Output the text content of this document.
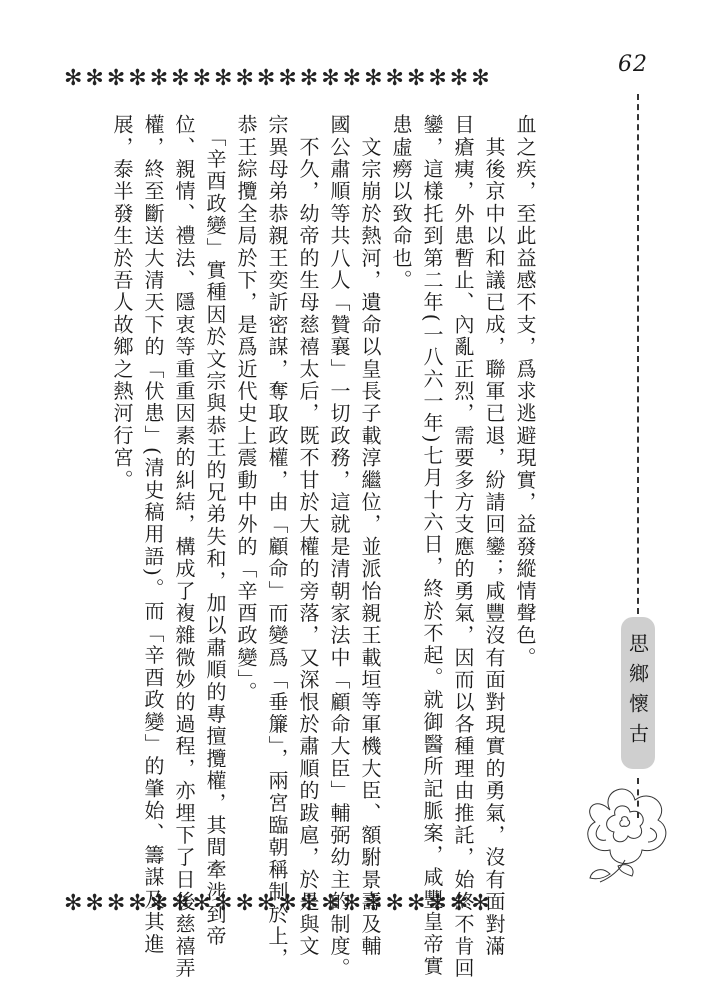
62
✻✻✻✻✻✻✻✻✻✻✻✻✻✻✻✻✻✻✻✻
✻✻✻✻✻✻✻✻✻✻✻✻✻✻✻✻✻✻✻✻
思鄉懷古
血之疾，至此益感不支，爲求逃避現實，益發縱情聲色。
　其後京中以和議已成，聯軍已退，紛請回鑾；咸豐沒有面對現實的勇氣，沒有面對滿
目瘡痍，外患暫止、內亂正烈，需要多方支應的勇氣，因而以各種理由推託，始終不肯回
鑾，這樣托到第二年(一八六一年)七月十六日，終於不起。就御醫所記脈案，咸豐皇帝實
患虛癆以致命也。
　文宗崩於熱河，遺命以皇長子載淳繼位，並派怡親王載垣等軍機大臣、額駙景壽及輔
國公肅順等共八人「贊襄」一切政務，這就是清朝家法中「顧命大臣」輔弼幼主的制度。
　不久，幼帝的生母慈禧太后，既不甘於大權的旁落，又深恨於肅順的跋扈，於是與文
宗異母弟恭親王奕訢密謀，奪取政權，由「顧命」而變爲「垂簾」，兩宮臨朝稱制於上，
恭王綜攬全局於下，是爲近代史上震動中外的「辛酉政變」。
　「辛酉政變」實種因於文宗與恭王的兄弟失和，加以肅順的專擅攬權，其間牽涉到帝
位、親情、禮法、隱衷等重重因素的糾結，構成了複雜微妙的過程，亦埋下了日後慈禧弄
權，終至斷送大清天下的「伏患」(清史稿用語)。而「辛酉政變」的肇始、籌謀及其進
展，泰半發生於吾人故鄉之熱河行宮。
